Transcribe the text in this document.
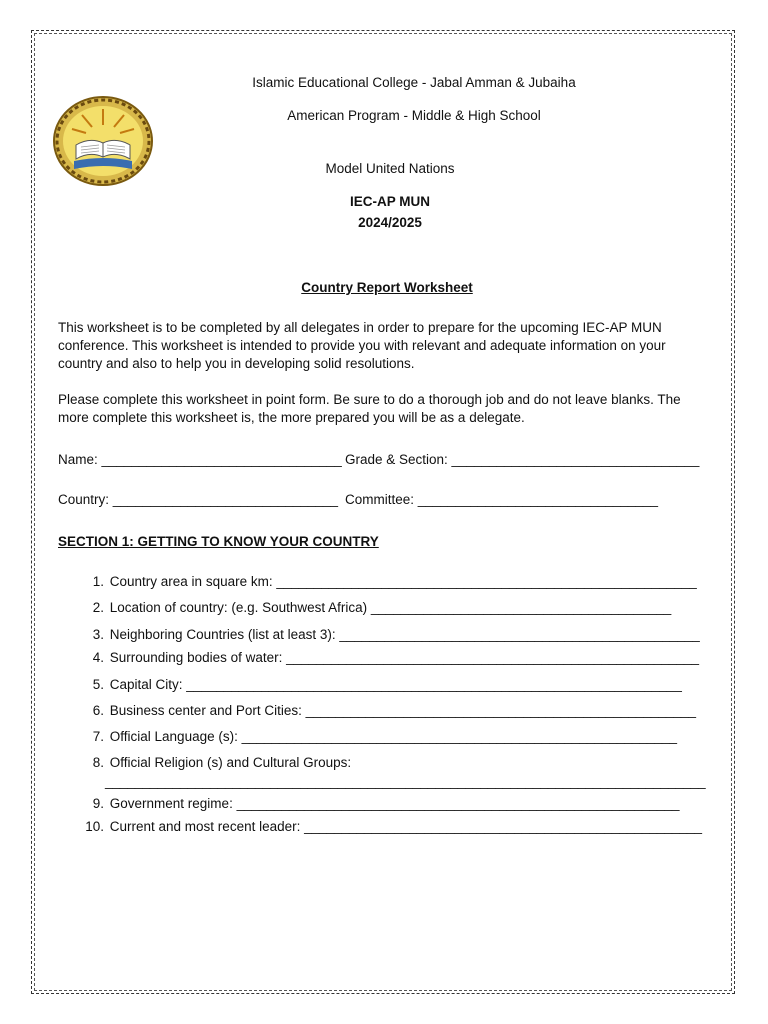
Islamic Educational College - Jabal Amman & Jubaiha
American Program - Middle & High School
Model United Nations
IEC-AP MUN
2024/2025
Country Report Worksheet
This worksheet is to be completed by all delegates in order to prepare for the upcoming IEC-AP MUN conference. This worksheet is intended to provide you with relevant and adequate information on your country and also to help you in developing solid resolutions.
Please complete this worksheet in point form. Be sure to do a thorough job and do not leave blanks. The more complete this worksheet is, the more prepared you will be as a delegate.
Name: ________________________________ Grade & Section: _________________________________
Country: ______________________________ Committee: ________________________________
SECTION 1: GETTING TO KNOW YOUR COUNTRY
1. Country area in square km: ________________________________________________________
2. Location of country: (e.g. Southwest Africa) ________________________________________
3. Neighboring Countries (list at least 3): ________________________________________________
4. Surrounding bodies of water: _______________________________________________________
5. Capital City: __________________________________________________________________
6. Business center and Port Cities: ____________________________________________________
7. Official Language (s): __________________________________________________________
8. Official Religion (s) and Cultural Groups:
________________________________________________________________________________
9. Government regime: ___________________________________________________________
10. Current and most recent leader: _____________________________________________________
